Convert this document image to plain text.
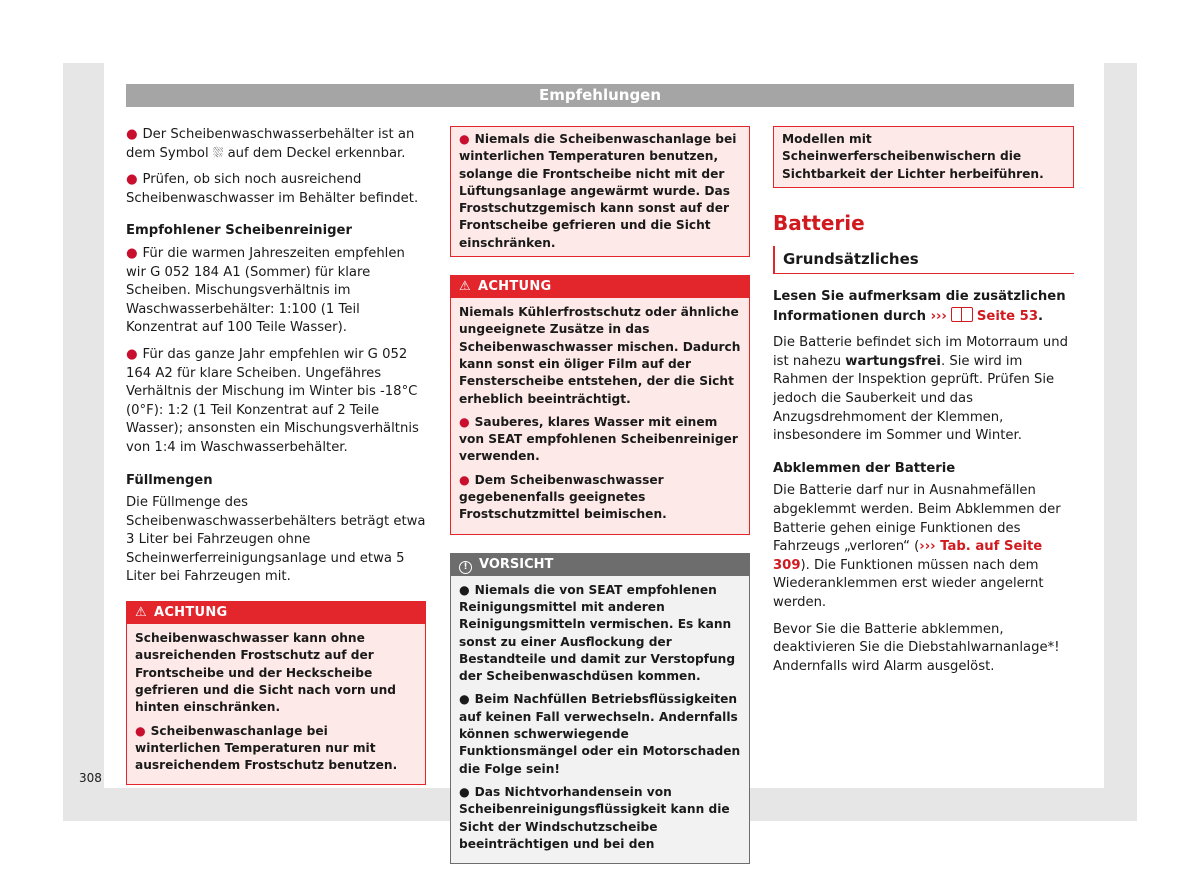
Empfehlungen

● Der Scheibenwaschwasserbehälter ist an dem Symbol ⛆ auf dem Deckel erkennbar.

● Prüfen, ob sich noch ausreichend Scheibenwaschwasser im Behälter befindet.

Empfohlener Scheibenreiniger

● Für die warmen Jahreszeiten empfehlen wir G 052 184 A1 (Sommer) für klare Scheiben. Mischungsverhältnis im Waschwasserbehälter: 1:100 (1 Teil Konzentrat auf 100 Teile Wasser).

● Für das ganze Jahr empfehlen wir G 052 164 A2 für klare Scheiben. Ungefähres Verhältnis der Mischung im Winter bis -18°C (0°F): 1:2 (1 Teil Konzentrat auf 2 Teile Wasser); ansonsten ein Mischungsverhältnis von 1:4 im Waschwasserbehälter.

Füllmengen

Die Füllmenge des Scheibenwaschwasserbehälters beträgt etwa 3 Liter bei Fahrzeugen ohne Scheinwerferreinigungsanlage und etwa 5 Liter bei Fahrzeugen mit.

⚠ ACHTUNG

Scheibenwaschwasser kann ohne ausreichenden Frostschutz auf der Frontscheibe und der Heckscheibe gefrieren und die Sicht nach vorn und hinten einschränken.

● Scheibenwaschanlage bei winterlichen Temperaturen nur mit ausreichendem Frostschutz benutzen.

● Niemals die Scheibenwaschanlage bei winterlichen Temperaturen benutzen, solange die Frontscheibe nicht mit der Lüftungsanlage angewärmt wurde. Das Frostschutzgemisch kann sonst auf der Frontscheibe gefrieren und die Sicht einschränken.
⚠ ACHTUNG

Niemals Kühlerfrostschutz oder ähnliche ungeeignete Zusätze in das Scheibenwaschwasser mischen. Dadurch kann sonst ein öliger Film auf der Fensterscheibe entstehen, der die Sicht erheblich beeinträchtigt.

● Sauberes, klares Wasser mit einem von SEAT empfohlenen Scheibenreiniger verwenden.

● Dem Scheibenwaschwasser gegebenenfalls geeignetes Frostschutzmittel beimischen.

! VORSICHT

● Niemals die von SEAT empfohlenen Reinigungsmittel mit anderen Reinigungsmitteln vermischen. Es kann sonst zu einer Ausflockung der Bestandteile und damit zur Verstopfung der Scheibenwaschdüsen kommen.

● Beim Nachfüllen Betriebsflüssigkeiten auf keinen Fall verwechseln. Andernfalls können schwerwiegende Funktionsmängel oder ein Motorschaden die Folge sein!

● Das Nichtvorhandensein von Scheibenreinigungsflüssigkeit kann die Sicht der Windschutzscheibe beeinträchtigen und bei den

Modellen mit Scheinwerferscheibenwischern die Sichtbarkeit der Lichter herbeiführen.
Batterie
Grundsätzliches

Lesen Sie aufmerksam die zusätzlichen Informationen durch ››› Seite 53.

Die Batterie befindet sich im Motorraum und ist nahezu wartungsfrei. Sie wird im Rahmen der Inspektion geprüft. Prüfen Sie jedoch die Sauberkeit und das Anzugsdrehmoment der Klemmen, insbesondere im Sommer und Winter.

Abklemmen der Batterie

Die Batterie darf nur in Ausnahmefällen abgeklemmt werden. Beim Abklemmen der Batterie gehen einige Funktionen des Fahrzeugs „verloren“ (››› Tab. auf Seite 309). Die Funktionen müssen nach dem Wiederanklemmen erst wieder angelernt werden.

Bevor Sie die Batterie abklemmen, deaktivieren Sie die Diebstahlwarnanlage*! Andernfalls wird Alarm ausgelöst.

308
